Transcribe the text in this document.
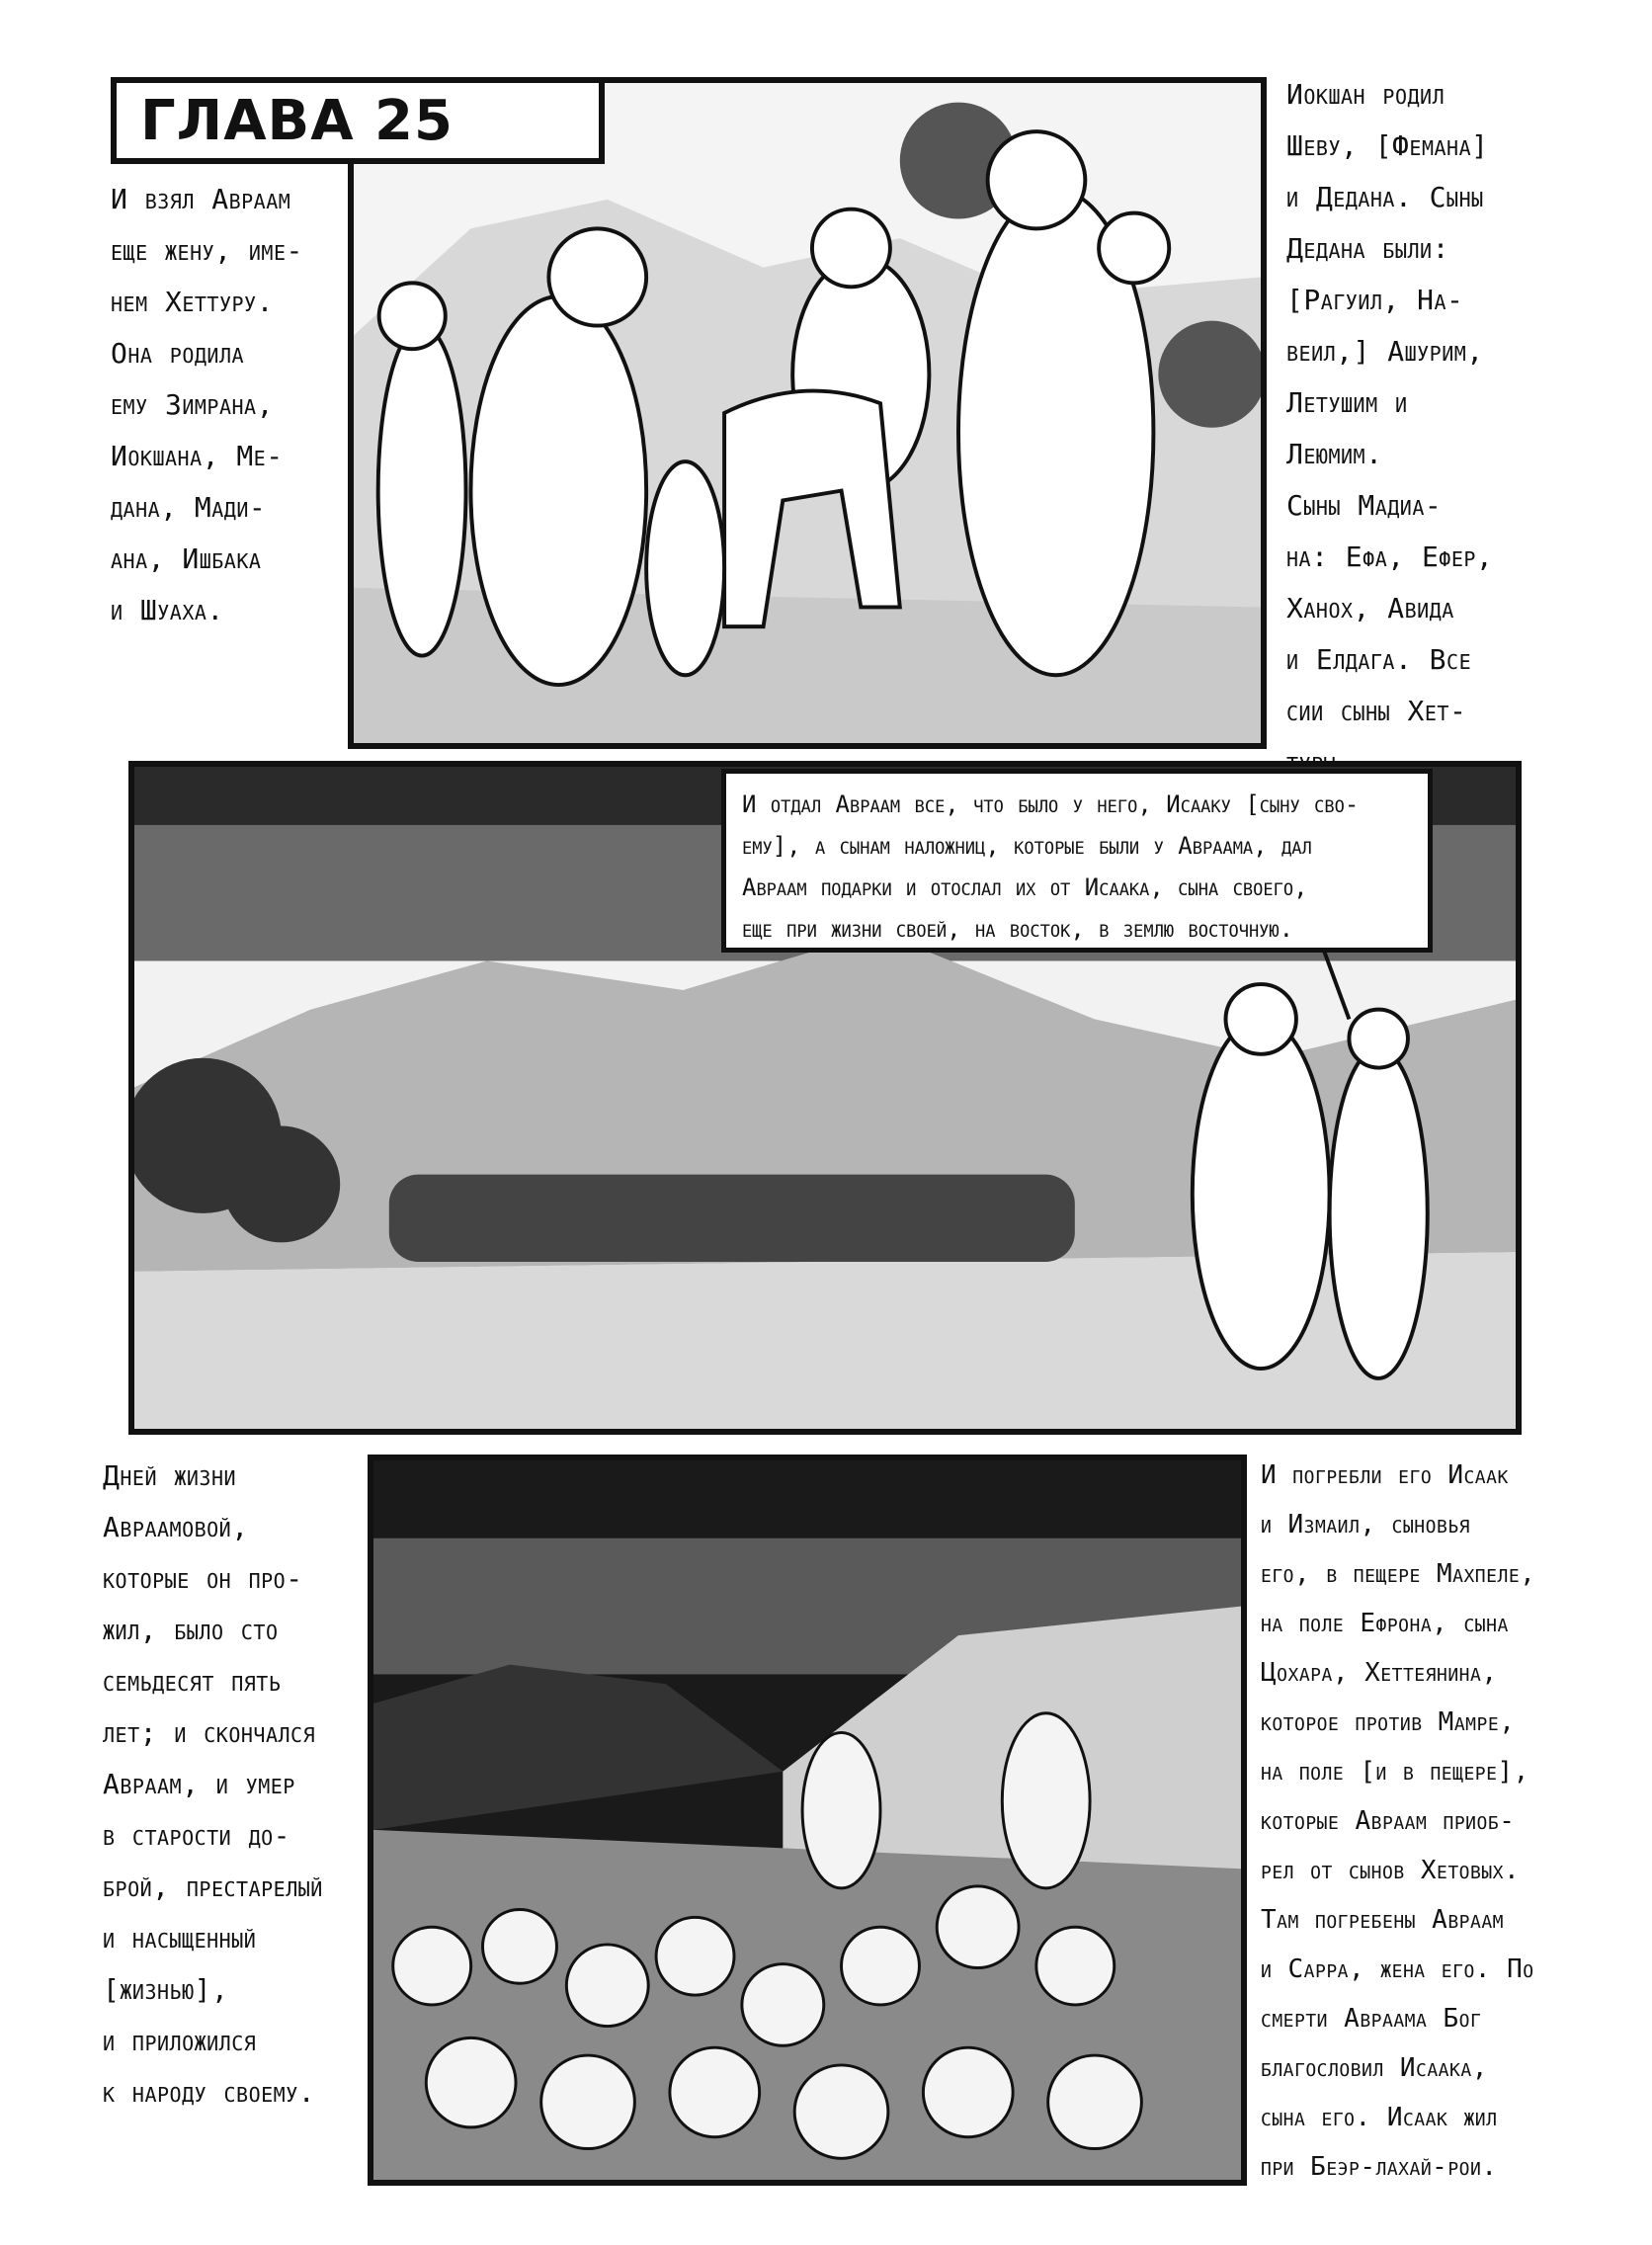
ГЛАВА 25
И взял Авраам
еще жену, име-
нем Хеттуру.
Она родила
ему Зимрана,
Иокшана, Ме-
дана, Мади-
ана, Ишбака
и Шуаха.
Иокшан родил
Шеву, [Фемана]
и Дедана. Сыны
Дедана были:
[Рагуил, На-
веил,] Ашурим,
Летушим и
Леюмим.
Сыны Мадиа-
на: Ефа, Ефер,
Ханох, Авида
и Елдага. Все
сии сыны Хет-
И отдал Авраам все, что было у него, Исааку [сыну сво-
ему], а сынам наложниц, которые были у Авраама, дал
Авраам подарки и отослал их от Исаака, сына своего,
еще при жизни своей, на восток, в землю восточную.
Дней жизни
Авраамовой,
которые он про-
жил, было сто
семьдесят пять
лет; и скончался
Авраам, и умер
в старости до-
брой, престарелый
и насыщенный
[жизнью],
и приложился
к народу своему.
И погребли его Исаак
и Измаил, сыновья
его, в пещере Махпеле,
на поле Ефрона, сына
Цохара, Хеттеянина,
которое против Мамре,
на поле [и в пещере],
которые Авраам приоб-
рел от сынов Хетовых.
Там погребены Авраам
и Сарра, жена его. По
смерти Авраама Бог
благословил Исаака,
сына его. Исаак жил
при Беэр-лахай-рои.
